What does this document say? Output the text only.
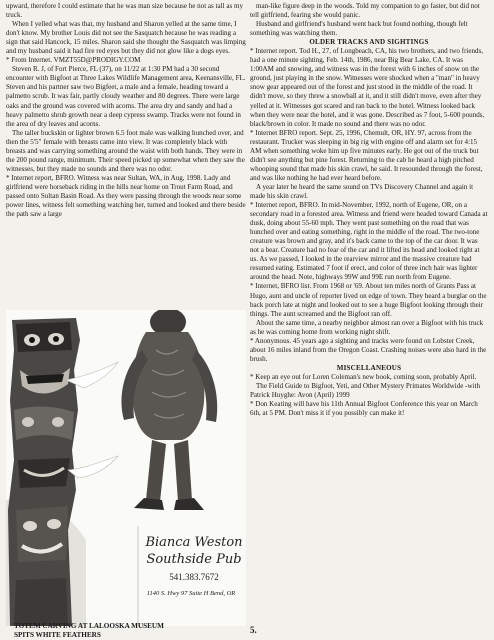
upward, therefore I could estimate that he was man size because he not as tall as my truck.

When I yelled what was that, my husband and Sharon yelled at the same time, I don't know. My brother Louis did not see the Sasquatch because he was reading a sign that said Hancock, 15 miles. Sharon said she thought the Sasquatch was limping and my husband said it had fire red eyes but they did not glow like a dogs eyes.

* From Internet. VMZT55D@PRODIGY.COM

Steven R. J, of Fort Pierce, FL (37), on 11/22 at 1:30 PM had a 30 second encounter with Bigfoot at Three Lakes Wildlife Management area, Keenansville, FL. Steven and his partner saw two Bigfeet, a male and a female, heading toward a palmetto scrub. It was fair, partly cloudy weather and 80 degrees. There were large oaks and the ground was covered with acorns. The area dry and sandy and had a heavy palmetto shrub growth near a deep cypress swamp. Tracks were not found in the area of dry leaves and acorns.

The taller buckskin or lighter brown 6.5 foot male was walking hunched over, and then the 5'5" female with breasts came into view. It was completely black with breasts and was carrying something around the waist with both hands. They were in the 200 pound range, minimum. Their speed picked up somewhat when they saw the witnesses, but they made no sounds and there was no odor.

* Internet report, BFRO. Witness was near Sultan, WA, in Aug, 1998. Lady and girlfriend were horseback riding in the hills near home on Trout Farm Road, and passed onto Sultan Basin Road. As they were passing through the woods near some power lines, witness felt something watching her, turned and looked and there beside the path saw a large

man-like figure deep in the woods. Told my companion to go faster, but did not tell girlfriend, fearing she would panic.

Husband and girlfriend's husband went back but found nothing, though felt something was watching them.

OLDER TRACKS AND SIGHTINGS

* Internet report. Tod H., 27, of Longbeach, CA, his two brothers, and two friends, had a one minute sighting, Feb. 14th, 1986, near Big Bear Lake, CA. It was 1:00AM and snowing, and witness was in the forest with 6 inches of snow on the ground, just playing in the snow. Witnesses were shocked when a "man" in heavy snow gear appeared out of the forest and just stood in the middle of the road. It didn't move, so they threw a snowball at it, and it still didn't move, even after they yelled at it. Witnesses got scared and ran back to the hotel. Witness looked back when they were near the hotel, and it was gone. Described as 7 foot, 5-600 pounds, black/brown in color. It made no sound and there was no odor.

* Internet BFRO report. Sept. 25, 1996, Chemult, OR, HY. 97, across from the restaurant. Trucker was sleeping in big rig with engine off and alarm set for 4:15 AM when something woke him up five minutes early. He got out of the truck but didn't see anything but pine forest. Returning to the cab he heard a high pitched whooping sound that made his skin crawl, he said. It resounded through the forest, and was like nothing he had ever heard before.

A year later he heard the same sound on TVs Discovery Channel and again it made his skin crawl.

* Internet report, BFRO. In mid-November, 1992, north of Eugene, OR, on a secondary road in a forested area. Witness and friend were headed toward Canada at dusk, doing about 55-60 mph. They went past something on the road that was hunched over and eating something, right in the middle of the road. The two-tone creature was brown and gray, and it's back came to the top of the car door. It was not a bear. Creature had no fear of the car and it lifted its head and looked right at us. As we passed, I looked in the rearview mirror and the massive creature had resumed eating. Estimated 7 foot if erect, and color of three inch hair was lighter around the head. Note, highways 99W and 99E run north from Eugene.

* Internet, BFRO list. From 1968 or '69. About ten miles north of Grants Pass at Hugo, aunt and uncle of reporter lived on edge of town. They heard a burglar on the back porch late at night and looked out to see a huge Bigfoot looking through their things. The aunt screamed and the Bigfoot ran off.

About the same time, a nearby neighbor almost ran over a Bigfoot with his truck as he was coming home from working night shift.

* Anonymous. 45 years ago a sighting and tracks were found on Lobster Creek, about 16 miles inland from the Oregon Coast. Crashing noises were also hard in the brush.

MISCELLANEOUS

* Keep an eye out for Loren Coleman's new book, coming soon, probably April.

The Field Guide to Bigfoot, Yeti, and Other Mystery Primates Worldwide -with Patrick Huyghe: Avon (April) 1999

* Don Keating will have his 11th Annual Bigfoot Conference this year on March 6th, at 5 PM. Don't miss it if you possibly can make it!

Bianca Weston
Southside Pub
541.383.7672
1140 S. Hwy 97 Suite H Bend, OR
TOTEM CARVING AT LALOOSKA MUSEUM SPITS WHITE FEATHERS	5.
